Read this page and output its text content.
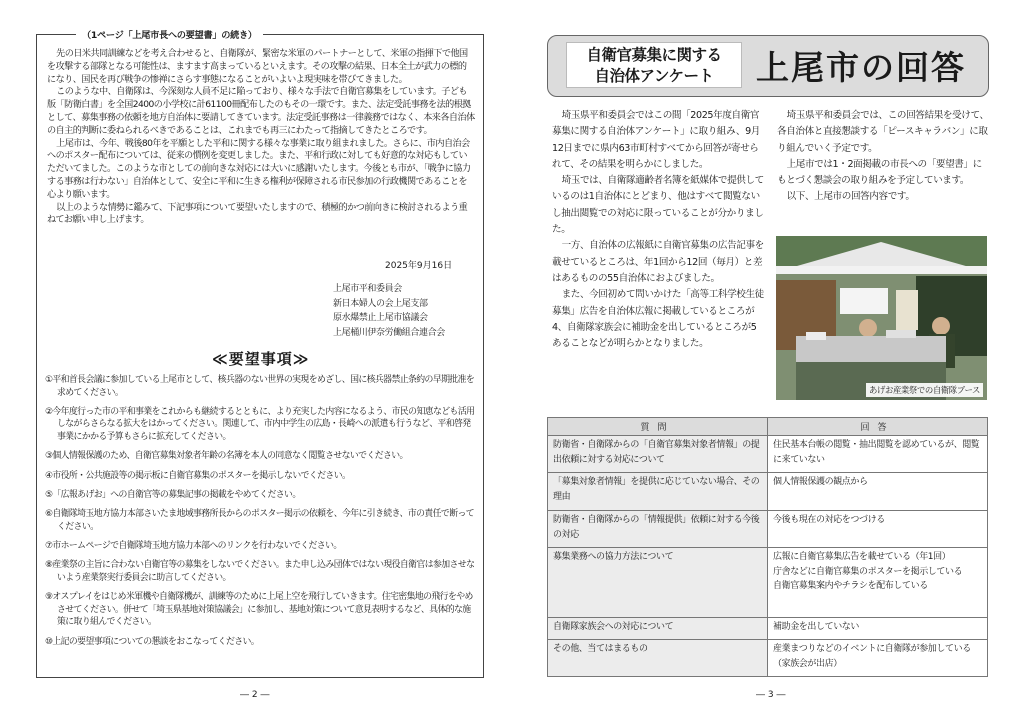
（1ページ「上尾市長への要望書」の続き）

先の日米共同訓練などを考え合わせると、自衛隊が、緊密な米軍のパートナーとして、米軍の指揮下で他国を攻撃する部隊となる可能性は、ますます高まっているといえます。その攻撃の結果、日本全土が武力の標的になり、国民を再び戦争の惨禅にさらす事態になることがいよいよ現実味を帯びてきました。

このような中、自衛隊は、今深刻な人員不足に陥っており、様々な手法で自衛官募集をしています。子ども版「防衛白書」を全国2400の小学校に計61100冊配布したのもその一環です。また、法定受託事務を法的根拠として、募集事務の依頼を地方自治体に要請してきています。法定受託事務は一律義務ではなく、本来各自治体の自主的判断に委ねられるべきであることは、これまでも再三にわたって指摘してきたところです。

上尾市は、今年、戦後80年を平願とした平和に関する様々な事業に取り組まれました。さらに、市内自治会へのポスター配布については、従来の慣例を変更しました。また、平和行政に対しても好意的な対応もしていただいてました。このような市としての前向きな対応には大いに感謝いたします。今後とも市が、「戦争に協力する事務は行わない」自治体として、安全に平和に生きる権利が保障される市民参加の行政機関であることを心より願います。

以上のような情勢に鑑みて、下記事項について要望いたしますので、積極的かつ前向きに検討されるよう重ねてお願い申し上げます。

2025年9月16日
上尾市平和委員会
新日本婦人の会上尾支部
原水爆禁止上尾市協議会
上尾桶川伊奈労働組合連合会
≪要望事項≫
①平和首長会議に参加している上尾市として、核兵器のない世界の実現をめざし、国に核兵器禁止条約の早期批准を求めてください。
②今年度行った市の平和事業をこれからも継続するとともに、より充実した内容になるよう、市民の知恵なども活用しながらさらなる拡大をはかってください。関連して、市内中学生の広島・長崎への派遣も行うなど、平和啓発事業にかかる予算もさらに拡充してください。
③個人情報保護のため、自衛官募集対象者年齢の名簿を本人の同意なく閲覧させないでください。
④市役所・公共施設等の掲示板に自衛官募集のポスターを掲示しないでください。
⑤「広報あげお」への自衛官等の募集記事の掲載をやめてください。
⑥自衛隊埼玉地方協力本部さいたま地域事務所長からのポスター掲示の依頼を、今年に引き続き、市の責任で断ってください。
⑦市ホームページで自衛隊埼玉地方協力本部へのリンクを行わないでください。
⑧産業祭の主旨に合わない自衛官等の募集をしないでください。また申し込み団体ではない現役自衛官は参加させないよう産業祭実行委員会に助言してください。
⑨オスプレイをはじめ米軍機や自衛隊機が、訓練等のために上尾上空を飛行していきます。住宅密集地の飛行をやめさせてください。併せて「埼玉県基地対策協議会」に参加し、基地対策について意見表明するなど、具体的な施策に取り組んでください。
⑩上記の要望事項についての懇談をおこなってください。
― 2 ―
自衛官募集に関する
自治体アンケート	上尾市の回答

埼玉県平和委員会ではこの間「2025年度自衛官募集に関する自治体アンケート」に取り組み、9月12日までに県内63市町村すべてから回答が寄せられて、その結果を明らかにしました。

埼玉では、自衛隊適齢者名簿を紙媒体で提供しているのは1自治体にとどまり、他はすべて閲覧ないし抽出閲覧での対応に限っていることが分かりました。

一方、自治体の広報紙に自衛官募集の広告記事を載せているところは、年1回から12回（毎月）と差はあるものの55自治体におよびました。

また、今回初めて問いかけた「高等工科学校生徒募集」広告を自治体広報に掲載しているところが4、自衛隊家族会に補助金を出しているところが5あることなどが明らかとなりました。

埼玉県平和委員会では、この回答結果を受けて、各自治体と直接懇談する「ピースキャラバン」に取り組んでいく予定です。

上尾市では1・2面掲載の市長への「要望書」にもとづく懇談会の取り組みを予定しています。

以下、上尾市の回答内容です。

あげお産業祭での自衛隊ブース
質問	回答
防衛省・自衛隊からの「自衛官募集対象者情報」の提出依頼に対する対応について	住民基本台帳の閲覧・抽出閲覧を認めているが、閲覧に来ていない
「募集対象者情報」を提供に応じていない場合、その理由	個人情報保護の観点から
防衛省・自衛隊からの「情報提供」依頼に対する今後の対応	今後も現在の対応をつづける
募集業務への協力方法について	広報に自衛官募集広告を載せている（年1回）
庁舎などに自衛官募集のポスターを掲示している
自衛官募集案内やチラシを配布している
自衛隊家族会への対応について	補助金を出していない
その他、当てはまるもの	産業まつりなどのイベントに自衛隊が参加している（家族会が出店）
― 3 ―
